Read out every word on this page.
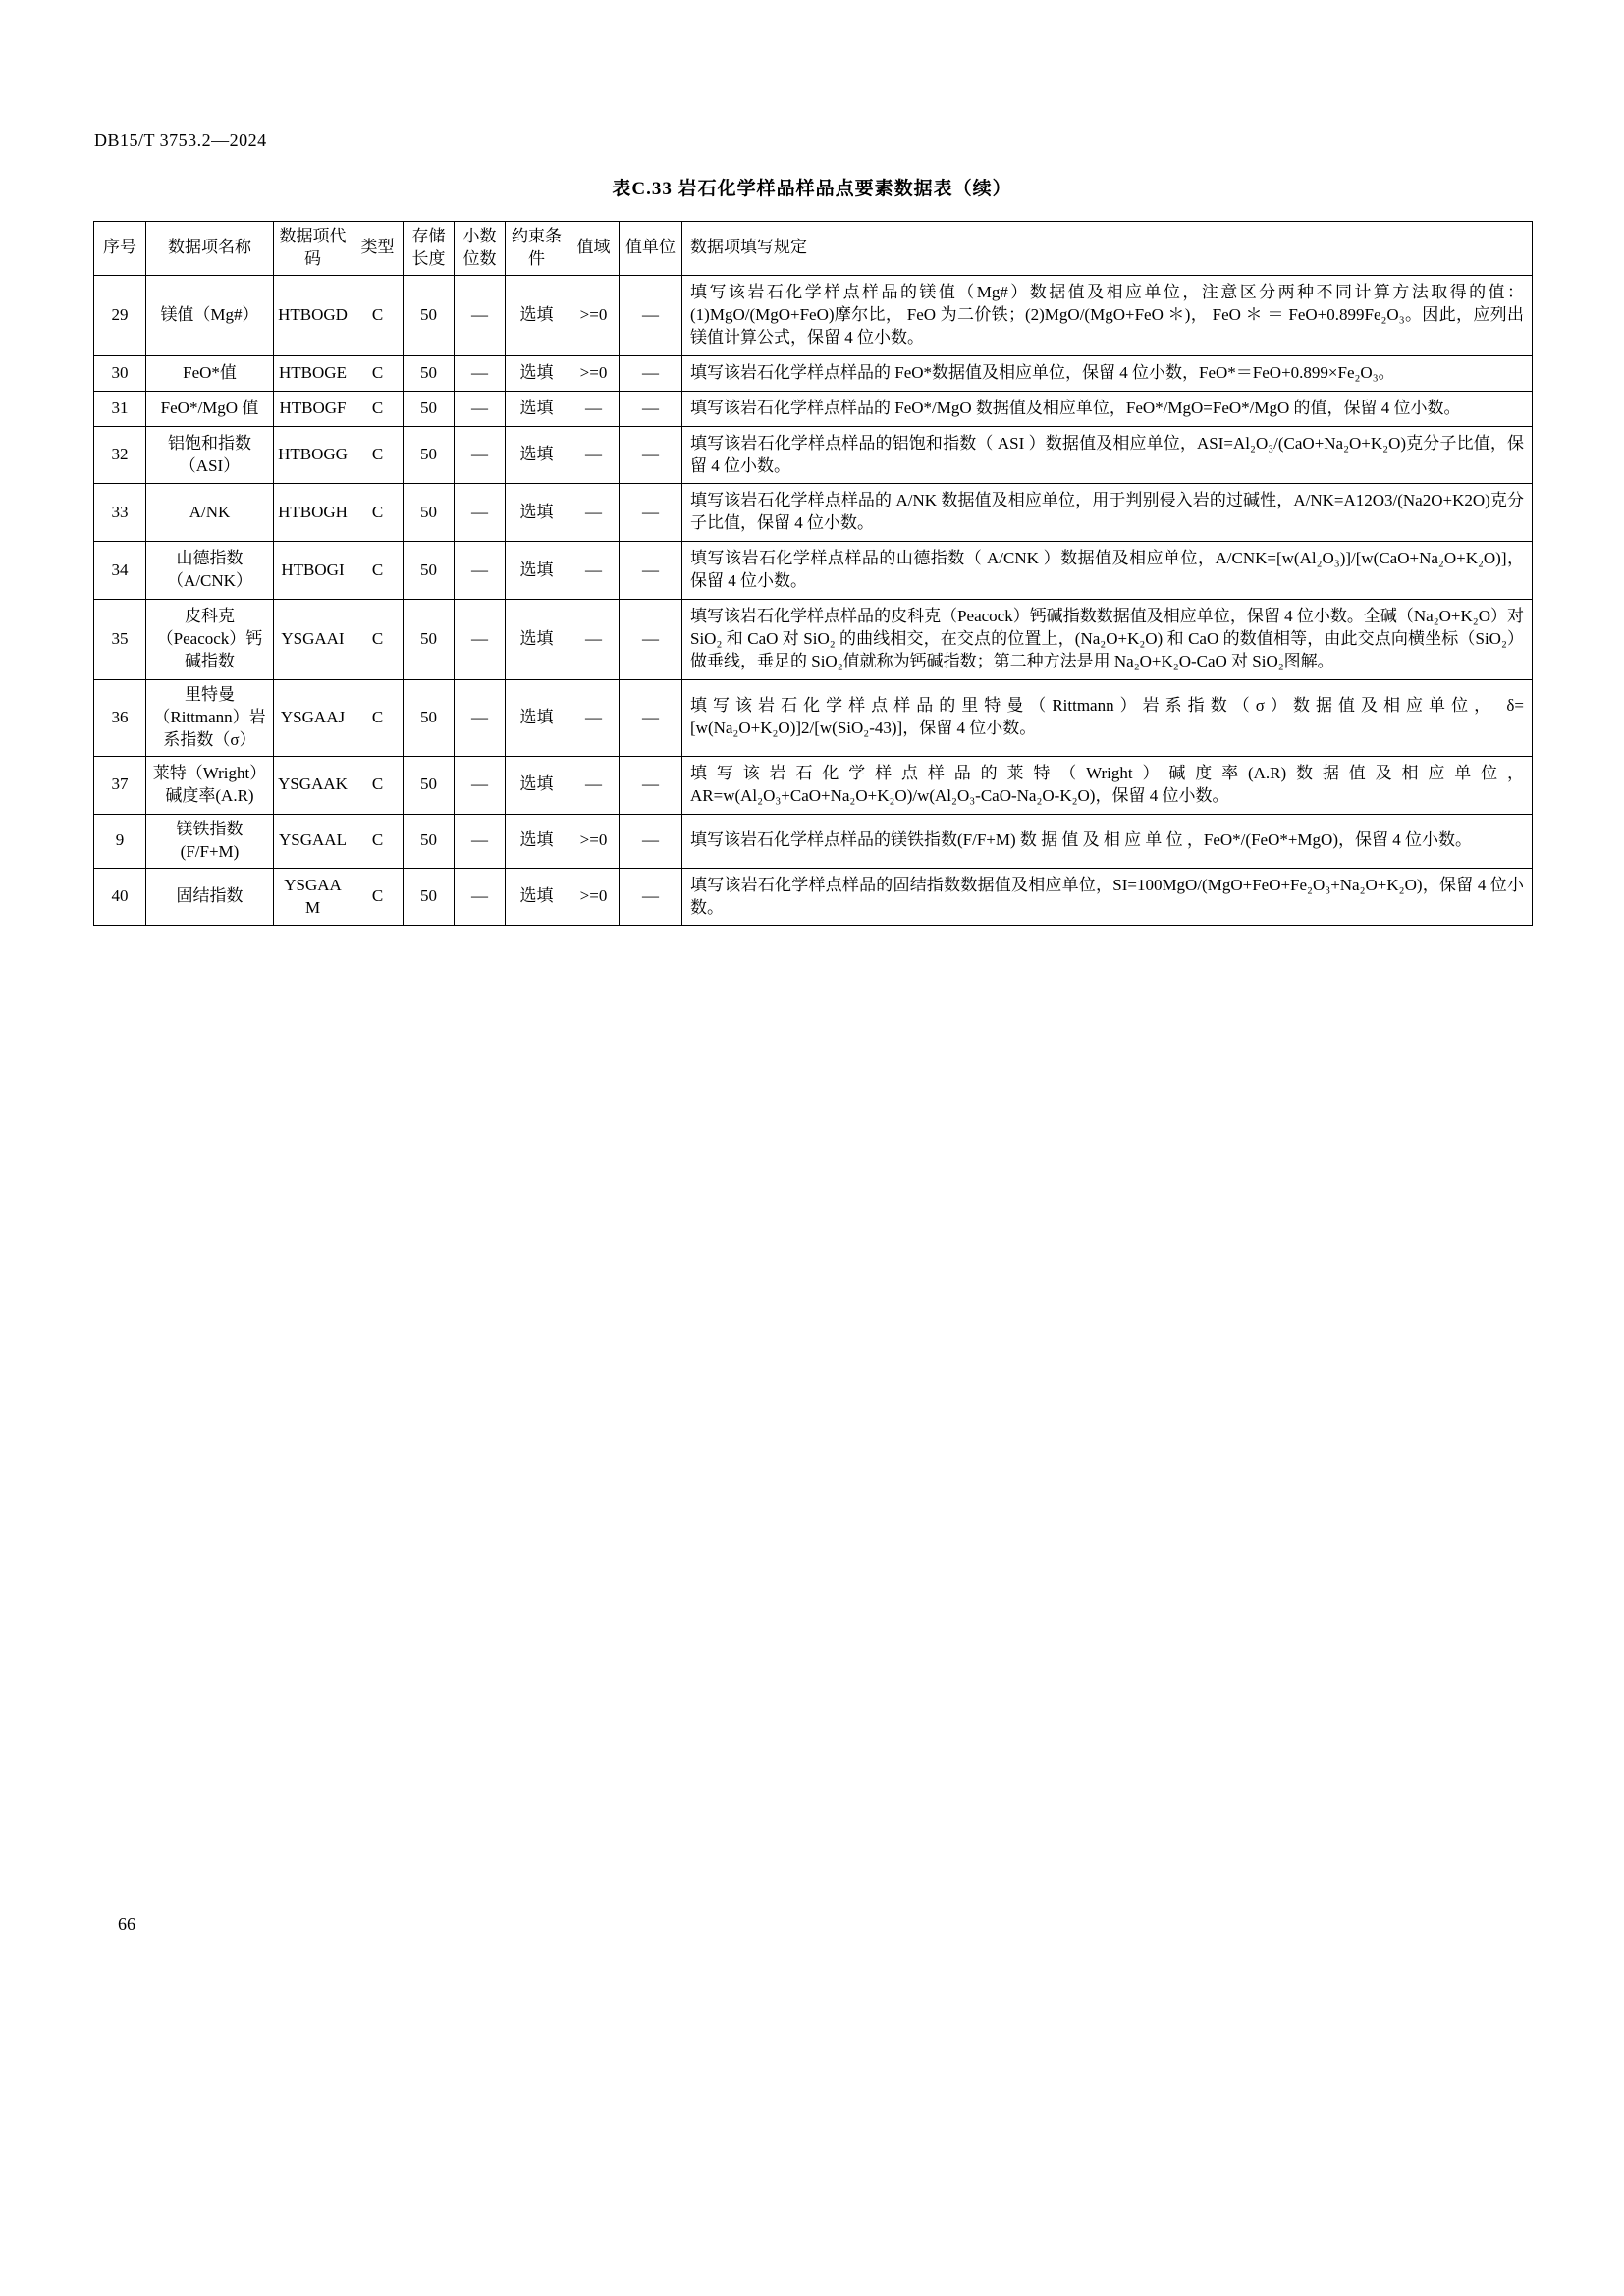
DB15/T 3753.2—2024
表C.33 岩石化学样品样品点要素数据表（续）
序号	数据项名称	数据项代码	类型	存储长度	小数位数	约束条件	值域	值单位	数据项填写规定
29	镁值（Mg#）	HTBOGD	C	50	—	选填	>=0	—	填写该岩石化学样点样品的镁值（Mg#）数据值及相应单位，注意区分两种不同计算方法取得的值：(1)MgO/(MgO+FeO)摩尔比， FeO 为二价铁；(2)MgO/(MgO+FeO ＊)， FeO ＊ ＝ FeO+0.899Fe₂O₃。因此，应列出镁值计算公式，保留 4 位小数。
30	FeO*值	HTBOGE	C	50	—	选填	>=0	—	填写该岩石化学样点样品的 FeO*数据值及相应单位，保留 4 位小数，FeO*＝FeO+0.899×Fe₂O₃。
31	FeO*/MgO 值	HTBOGF	C	50	—	选填	—	—	填写该岩石化学样点样品的 FeO*/MgO 数据值及相应单位，FeO*/MgO=FeO*/MgO 的值，保留 4 位小数。
32	铝饱和指数（ASI）	HTBOGG	C	50	—	选填	—	—	填写该岩石化学样点样品的铝饱和指数（ ASI ）数据值及相应单位，ASI=Al₂O₃/(CaO+Na₂O+K₂O)克分子比值，保留 4 位小数。
33	A/NK	HTBOGH	C	50	—	选填	—	—	填写该岩石化学样点样品的 A/NK 数据值及相应单位，用于判别侵入岩的过碱性，A/NK=A12O3/(Na2O+K2O)克分子比值，保留 4 位小数。
34	山德指数（A/CNK）	HTBOGI	C	50	—	选填	—	—	填写该岩石化学样点样品的山德指数（ A/CNK ）数据值及相应单位，A/CNK=[w(Al₂O₃)]/[w(CaO+Na₂O+K₂O)]，保留 4 位小数。
35	皮科克（Peacock）钙碱指数	YSGAAI	C	50	—	选填	—	—	填写该岩石化学样点样品的皮科克（Peacock）钙碱指数数据值及相应单位，保留 4 位小数。全碱（Na₂O+K₂O）对 SiO₂ 和 CaO 对 SiO₂ 的曲线相交，在交点的位置上，(Na₂O+K₂O) 和 CaO 的数值相等，由此交点向横坐标（SiO₂）做垂线，垂足的 SiO₂值就称为钙碱指数；第二种方法是用 Na₂O+K₂O-CaO 对 SiO₂图解。
36	里特曼（Rittmann）岩系指数（σ）	YSGAAJ	C	50	—	选填	—	—	填写该岩石化学样点样品的里特曼（Rittmann）岩系指数（σ）数据值及相应单位， δ=[w(Na₂O+K₂O)]2/[w(SiO₂-43)]，保留 4 位小数。
37	莱特（Wright）碱度率(A.R)	YSGAAK	C	50	—	选填	—	—	填写该岩石化学样点样品的莱特（Wright）碱度率(A.R)数据值及相应单位，AR=w(Al₂O₃+CaO+Na₂O+K₂O)/w(Al₂O₃-CaO-Na₂O-K₂O)，保留 4 位小数。
9	镁铁指数(F/F+M)	YSGAAL	C	50	—	选填	>=0	—	填写该岩石化学样点样品的镁铁指数(F/F+M) 数 据 值 及 相 应 单 位 ，FeO*/(FeO*+MgO)，保留 4 位小数。
40	固结指数	YSGAAM	C	50	—	选填	>=0	—	填写该岩石化学样点样品的固结指数数据值及相应单位，SI=100MgO/(MgO+FeO+Fe₂O₃+Na₂O+K₂O)，保留 4 位小数。
66
